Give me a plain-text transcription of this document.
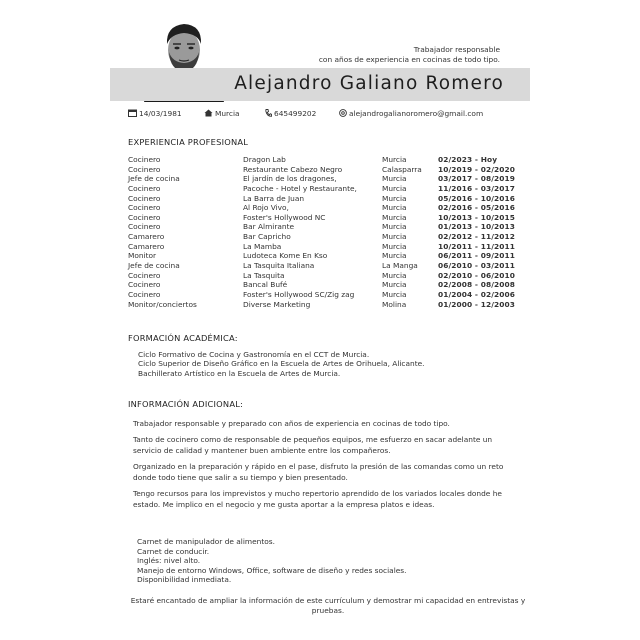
Trabajador responsable
con años de experiencia en cocinas de todo tipo.
Alejandro Galiano Romero
14/03/1981	Murcia	645499202	alejandrogalianoromero@gmail.com
EXPERIENCIA PROFESIONAL
Cocinero	Dragon Lab	Murcia	02/2023 - Hoy
Cocinero	Restaurante Cabezo Negro	Calasparra 10/2019 - 02/2020
Jefe de cocina	El jardín de los dragones,	Murcia	03/2017 - 08/2019
Cocinero	Pacoche - Hotel y Restaurante,	Murcia	11/2016 - 03/2017
Cocinero	La Barra de Juan	Murcia	05/2016 - 10/2016
Cocinero	Al Rojo Vivo,	Murcia	02/2016 - 05/2016
Cocinero	Foster's Hollywood NC	Murcia	10/2013 - 10/2015
Cocinero	Bar Almirante	Murcia	01/2013 - 10/2013
Camarero	Bar Capricho	Murcia	02/2012 - 11/2012
Camarero	La Mamba	Murcia	10/2011 - 11/2011
Monitor	Ludoteca Kome En Kso	Murcia	06/2011 - 09/2011
Jefe de cocina	La Tasquita Italiana	La Manga	06/2010 - 03/2011
Cocinero	La Tasquita	Murcia	02/2010 - 06/2010
Cocinero	Bancal Bufé	Murcia	02/2008 - 08/2008
Cocinero	Foster's Hollywood SC/Zig zag	Murcia	01/2004 - 02/2006
Monitor/conciertos	Diverse Marketing	Molina	01/2000 - 12/2003
FORMACIÓN ACADÉMICA:
Ciclo Formativo de Cocina y Gastronomía en el CCT de Murcia.
Ciclo Superior de Diseño Gráfico en la Escuela de Artes de Orihuela, Alicante.
Bachillerato Artístico en la Escuela de Artes de Murcia.
INFORMACIÓN ADICIONAL:
Trabajador responsable y preparado con años de experiencia en cocinas de todo tipo.
Tanto de cocinero como de responsable de pequeños equipos, me esfuerzo en sacar adelante un servicio de calidad y mantener buen ambiente entre los compañeros.
Organizado en la preparación y rápido en el pase, disfruto la presión de las comandas como un reto donde todo tiene que salir a su tiempo y bien presentado.
Tengo recursos para los imprevistos y mucho repertorio aprendido de los variados locales donde he estado. Me implico en el negocio y me gusta aportar a la empresa platos e ideas.
Carnet de manipulador de alimentos.
Carnet de conducir.
Inglés: nivel alto.
Manejo de entorno Windows, Office, software de diseño y redes sociales.
Disponibilidad inmediata.
Estaré encantado de ampliar la información de este currículum y demostrar mi capacidad en entrevistas y pruebas.
